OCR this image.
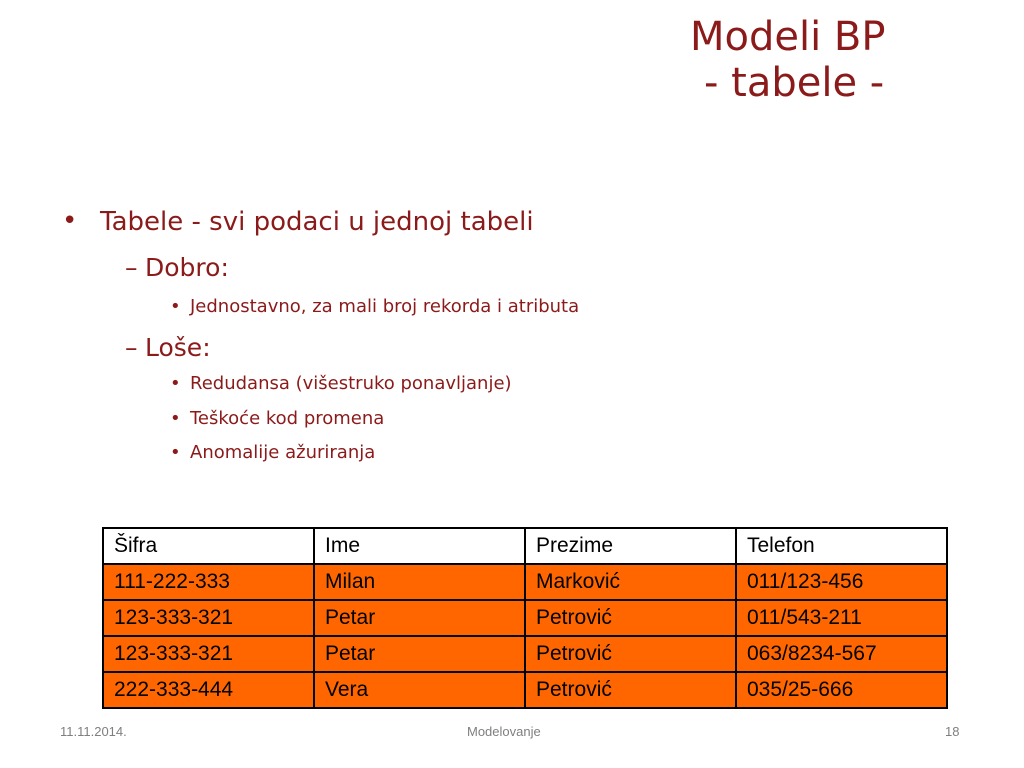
Modeli BP
- tabele -
• Tabele - svi podaci u jednoj tabeli
– Dobro:
• Jednostavno, za mali broj rekorda i atributa
– Loše:
• Redudansa (višestruko ponavljanje)
• Teškoće kod promena
• Anomalije ažuriranja
11.11.2014.	Modelovanje	18
Šifra	Ime	Prezime	Telefon
111-222-333	Milan	Marković	011/123-456
123-333-321	Petar	Petrović	011/543-211
123-333-321	Petar	Petrović	063/8234-567
222-333-444	Vera	Petrović	035/25-666
